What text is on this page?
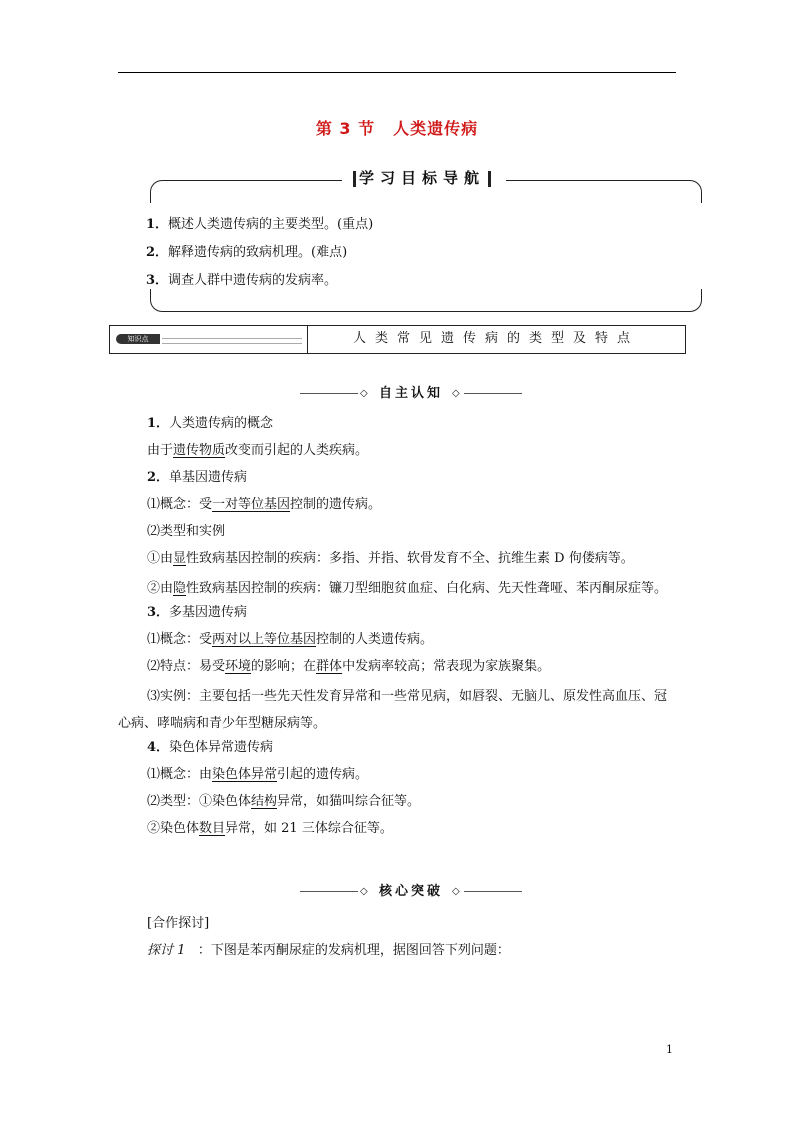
第 3 节 人类遗传病
学习目标导航
1．概述人类遗传病的主要类型。(重点)
2．解释遗传病的致病机理。(难点)
3．调查人群中遗传病的发病率。
知识点	人类常见遗传病的类型及特点
◇ 自主认知 ◇

1．人类遗传病的概念

由于遗传物质改变而引起的人类疾病。

2．单基因遗传病

⑴概念：受一对等位基因控制的遗传病。

⑵类型和实例

①由显性致病基因控制的疾病：多指、并指、软骨发育不全、抗维生素 D 佝偻病等。

②由隐性致病基因控制的疾病：镰刀型细胞贫血症、白化病、先天性聋哑、苯丙酮尿症等。

3．多基因遗传病

⑴概念：受两对以上等位基因控制的人类遗传病。

⑵特点：易受环境的影响；在群体中发病率较高；常表现为家族聚集。

⑶实例：主要包括一些先天性发育异常和一些常见病，如唇裂、无脑儿、原发性高血压、冠心病、哮喘病和青少年型糖尿病等。

4．染色体异常遗传病

⑴概念：由染色体异常引起的遗传病。

⑵类型：①染色体结构异常，如猫叫综合征等。

②染色体数目异常，如 21 三体综合征等。

◇ 核心突破 ◇

[合作探讨]

探讨 1 ：下图是苯丙酮尿症的发病机理，据图回答下列问题：

1
